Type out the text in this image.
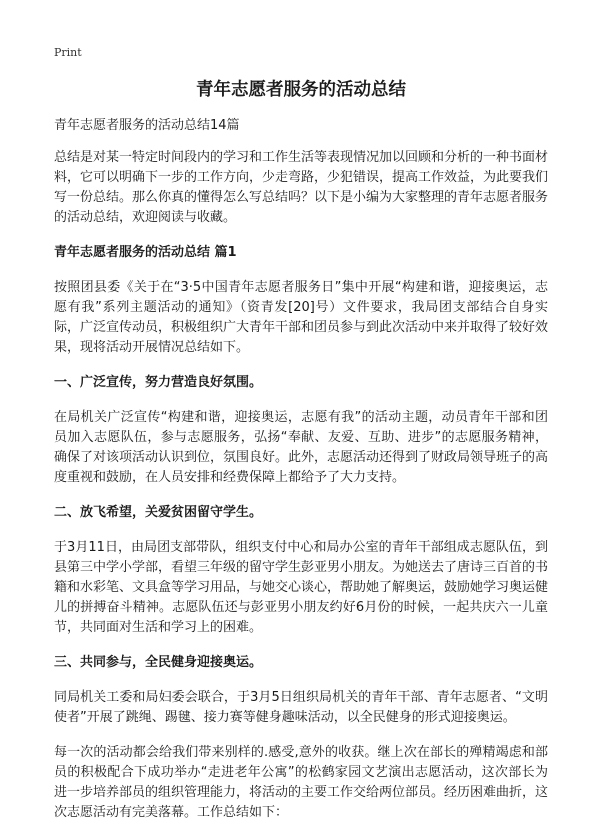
Print
青年志愿者服务的活动总结
青年志愿者服务的活动总结14篇

总结是对某一特定时间段内的学习和工作生活等表现情况加以回顾和分析的一种书面材料，它可以明确下一步的工作方向，少走弯路，少犯错误，提高工作效益，为此要我们写一份总结。那么你真的懂得怎么写总结吗？以下是小编为大家整理的青年志愿者服务的活动总结，欢迎阅读与收藏。

青年志愿者服务的活动总结 篇1

按照团县委《关于在“3·5中国青年志愿者服务日”集中开展“构建和谐，迎接奥运，志愿有我”系列主题活动的通知》（资青发[20]号）文件要求，我局团支部结合自身实际，广泛宣传动员，积极组织广大青年干部和团员参与到此次活动中来并取得了较好效果，现将活动开展情况总结如下。

一、广泛宣传，努力营造良好氛围。

在局机关广泛宣传“构建和谐，迎接奥运，志愿有我”的活动主题，动员青年干部和团员加入志愿队伍，参与志愿服务，弘扬“奉献、友爱、互助、进步”的志愿服务精神，确保了对该项活动认识到位，氛围良好。此外，志愿活动还得到了财政局领导班子的高度重视和鼓励，在人员安排和经费保障上都给予了大力支持。

二、放飞希望，关爱贫困留守学生。

于3月11日，由局团支部带队，组织支付中心和局办公室的青年干部组成志愿队伍，到县第三中学小学部，看望三年级的留守学生彭亚男小朋友。为她送去了唐诗三百首的书籍和水彩笔、文具盒等学习用品，与她交心谈心，帮助她了解奥运，鼓励她学习奥运健儿的拼搏奋斗精神。志愿队伍还与彭亚男小朋友约好6月份的时候，一起共庆六一儿童节，共同面对生活和学习上的困难。

三、共同参与，全民健身迎接奥运。

同局机关工委和局妇委会联合，于3月5日组织局机关的青年干部、青年志愿者、“文明使者”开展了跳绳、踢毽、接力赛等健身趣味活动，以全民健身的形式迎接奥运。

每一次的活动都会给我们带来别样的.感受,意外的收获。继上次在部长的殚精竭虑和部员的积极配合下成功举办“走进老年公寓”的松鹤家园文艺演出志愿活动，这次部长为进一步培养部员的组织管理能力，将活动的主要工作交给两位部员。经历困难曲折，这次志愿活动有完美落幕。工作总结如下：
